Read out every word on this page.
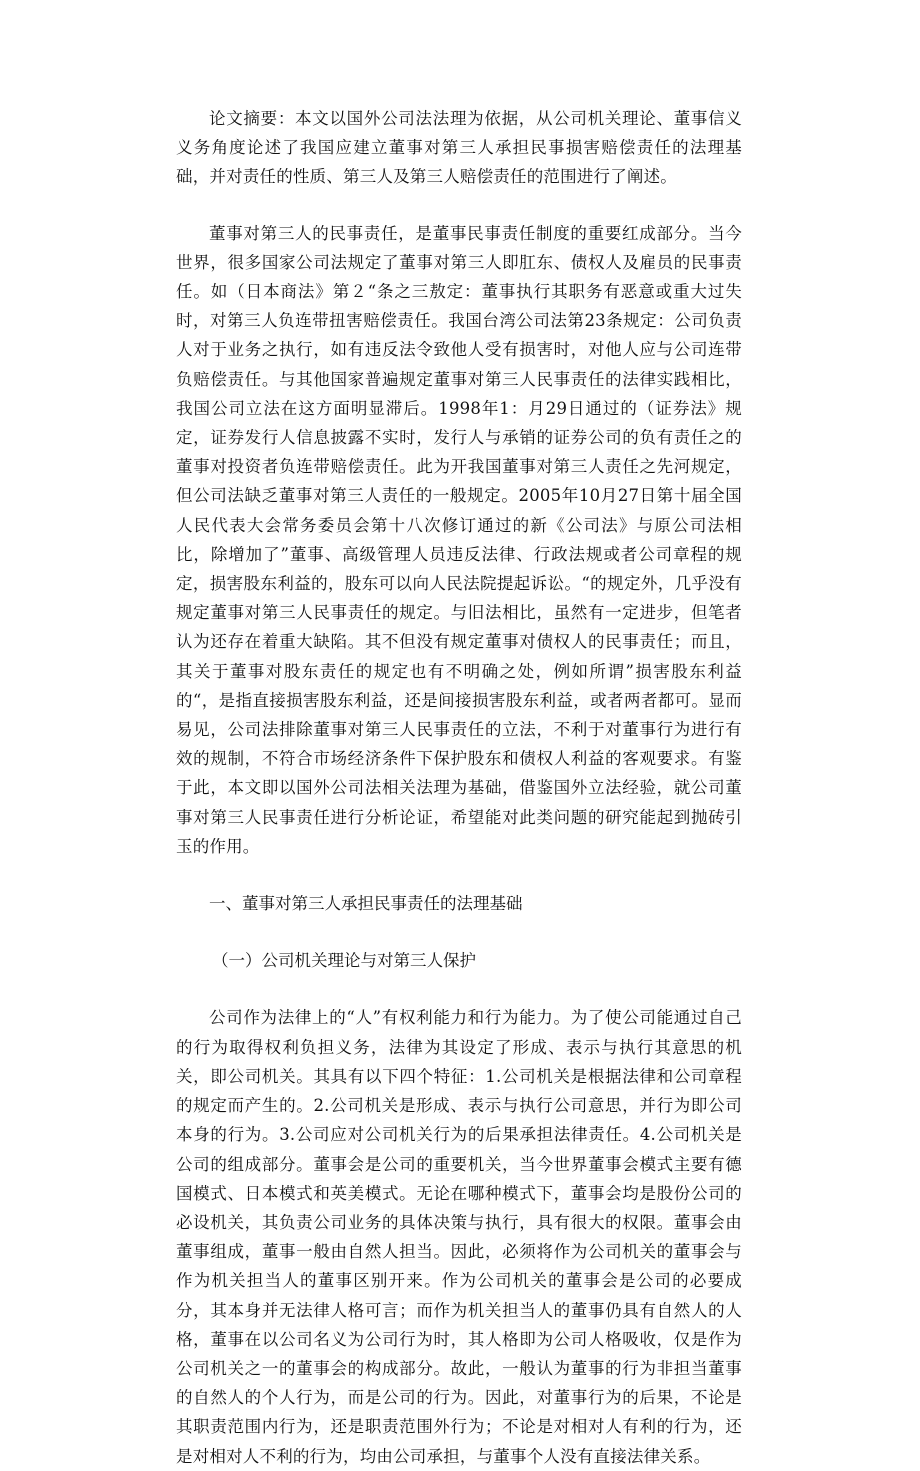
论文摘要：本文以国外公司法法理为依据，从公司机关理论、董事信义义务角度论述了我国应建立董事对第三人承担民事损害赔偿责任的法理基础，并对责任的性质、第三人及第三人赔偿责任的范围进行了阐述。

董事对第三人的民事责任，是董事民事责任制度的重要红成部分。当今世界，很多国家公司法规定了董事对第三人即肛东、债权人及雇员的民事责任。如（日本商法》第２“条之三敖定：董事执行其职务有恶意或重大过失时，对第三人负连带扭害赔偿责任。我国台湾公司法第23条规定：公司负责人对于业务之执行，如有违反法令致他人受有损害时，对他人应与公司连带负赔偿责任。与其他国家普遍规定董事对第三人民事责任的法律实践相比，我国公司立法在这方面明显滞后。1998年1：月29日通过的（证券法》规定，证券发行人信息披露不实时，发行人与承销的证券公司的负有责任之的董事对投资者负连带赔偿责任。此为开我国董事对第三人责任之先河规定，但公司法缺乏董事对第三人责任的一般规定。2005年10月27日第十届全国人民代表大会常务委员会第十八次修订通过的新《公司法》与原公司法相比，除增加了”董事、高级管理人员违反法律、行政法规或者公司章程的规定，损害股东利益的，股东可以向人民法院提起诉讼。“的规定外，几乎没有规定董事对第三人民事责任的规定。与旧法相比，虽然有一定进步，但笔者认为还存在着重大缺陷。其不但没有规定董事对债权人的民事责任；而且，其关于董事对股东责任的规定也有不明确之处，例如所谓”损害股东利益的“，是指直接损害股东利益，还是间接损害股东利益，或者两者都可。显而易见，公司法排除董事对第三人民事责任的立法，不利于对董事行为进行有效的规制，不符合市场经济条件下保护股东和债权人利益的客观要求。有鉴于此，本文即以国外公司法相关法理为基础，借鉴国外立法经验，就公司董事对第三人民事责任进行分析论证，希望能对此类问题的研究能起到抛砖引玉的作用。

一、董事对第三人承担民事责任的法理基础

（一）公司机关理论与对第三人保护

公司作为法律上的“人”有权利能力和行为能力。为了使公司能通过自己的行为取得权利负担义务，法律为其设定了形成、表示与执行其意思的机关，即公司机关。其具有以下四个特征：1.公司机关是根据法律和公司章程的规定而产生的。2.公司机关是形成、表示与执行公司意思，并行为即公司本身的行为。3.公司应对公司机关行为的后果承担法律责任。4.公司机关是公司的组成部分。董事会是公司的重要机关，当今世界董事会模式主要有德国模式、日本模式和英美模式。无论在哪种模式下，董事会均是股份公司的必设机关，其负责公司业务的具体决策与执行，具有很大的权限。董事会由董事组成，董事一般由自然人担当。因此，必须将作为公司机关的董事会与作为机关担当人的董事区别开来。作为公司机关的董事会是公司的必要成分，其本身并无法律人格可言；而作为机关担当人的董事仍具有自然人的人格，董事在以公司名义为公司行为时，其人格即为公司人格吸收，仅是作为公司机关之一的董事会的构成部分。故此，一般认为董事的行为非担当董事的自然人的个人行为，而是公司的行为。因此，对董事行为的后果，不论是其职责范围内行为，还是职责范围外行为；不论是对相对人有利的行为，还是对相对人不利的行为，均由公司承担，与董事个人没有直接法律关系。
